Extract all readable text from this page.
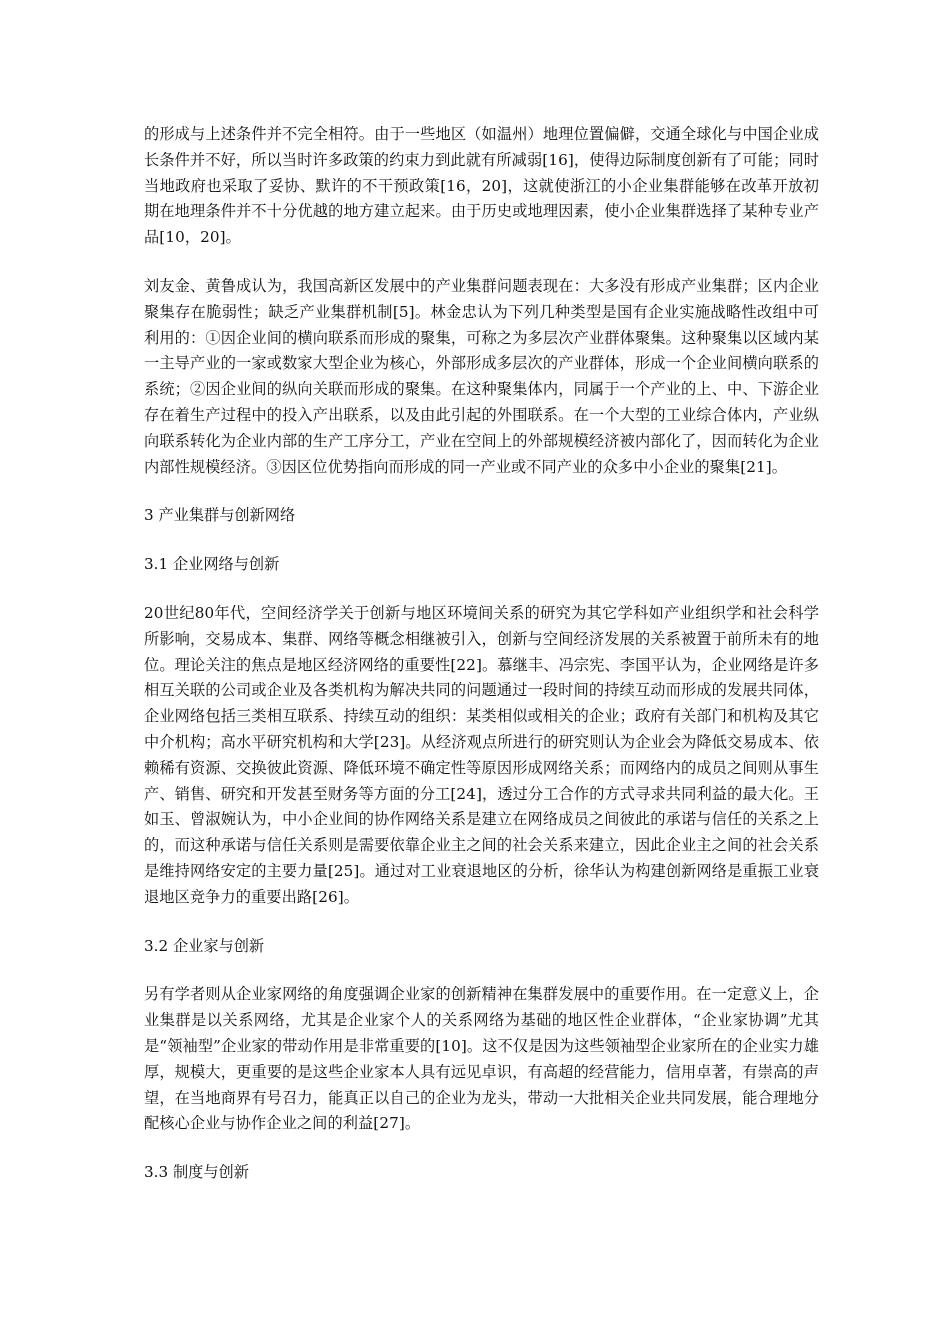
的形成与上述条件并不完全相符。由于一些地区（如温州）地理位置偏僻，交通全球化与中国企业成长条件并不好，所以当时许多政策的约束力到此就有所减弱[16]，使得边际制度创新有了可能；同时当地政府也采取了妥协、默许的不干预政策[16，20]，这就使浙江的小企业集群能够在改革开放初期在地理条件并不十分优越的地方建立起来。由于历史或地理因素，使小企业集群选择了某种专业产品[10，20]。

刘友金、黄鲁成认为，我国高新区发展中的产业集群问题表现在：大多没有形成产业集群；区内企业聚集存在脆弱性；缺乏产业集群机制[5]。林金忠认为下列几种类型是国有企业实施战略性改组中可利用的：①因企业间的横向联系而形成的聚集，可称之为多层次产业群体聚集。这种聚集以区域内某一主导产业的一家或数家大型企业为核心，外部形成多层次的产业群体，形成一个企业间横向联系的系统；②因企业间的纵向关联而形成的聚集。在这种聚集体内，同属于一个产业的上、中、下游企业存在着生产过程中的投入产出联系，以及由此引起的外围联系。在一个大型的工业综合体内，产业纵向联系转化为企业内部的生产工序分工，产业在空间上的外部规模经济被内部化了，因而转化为企业内部性规模经济。③因区位优势指向而形成的同一产业或不同产业的众多中小企业的聚集[21]。

3 产业集群与创新网络

3.1 企业网络与创新

20世纪80年代，空间经济学关于创新与地区环境间关系的研究为其它学科如产业组织学和社会科学所影响，交易成本、集群、网络等概念相继被引入，创新与空间经济发展的关系被置于前所未有的地位。理论关注的焦点是地区经济网络的重要性[22]。慕继丰、冯宗宪、李国平认为，企业网络是许多相互关联的公司或企业及各类机构为解决共同的问题通过一段时间的持续互动而形成的发展共同体，企业网络包括三类相互联系、持续互动的组织：某类相似或相关的企业；政府有关部门和机构及其它中介机构；高水平研究机构和大学[23]。从经济观点所进行的研究则认为企业会为降低交易成本、依赖稀有资源、交换彼此资源、降低环境不确定性等原因形成网络关系；而网络内的成员之间则从事生产、销售、研究和开发甚至财务等方面的分工[24]，透过分工合作的方式寻求共同利益的最大化。王如玉、曾淑婉认为，中小企业间的协作网络关系是建立在网络成员之间彼此的承诺与信任的关系之上的，而这种承诺与信任关系则是需要依靠企业主之间的社会关系来建立，因此企业主之间的社会关系是维持网络安定的主要力量[25]。通过对工业衰退地区的分析，徐华认为构建创新网络是重振工业衰退地区竞争力的重要出路[26]。

3.2 企业家与创新

另有学者则从企业家网络的角度强调企业家的创新精神在集群发展中的重要作用。在一定意义上，企业集群是以关系网络，尤其是企业家个人的关系网络为基础的地区性企业群体，“企业家协调”尤其是“领袖型”企业家的带动作用是非常重要的[10]。这不仅是因为这些领袖型企业家所在的企业实力雄厚，规模大，更重要的是这些企业家本人具有远见卓识，有高超的经营能力，信用卓著，有崇高的声望，在当地商界有号召力，能真正以自己的企业为龙头，带动一大批相关企业共同发展，能合理地分配核心企业与协作企业之间的利益[27]。

3.3 制度与创新
